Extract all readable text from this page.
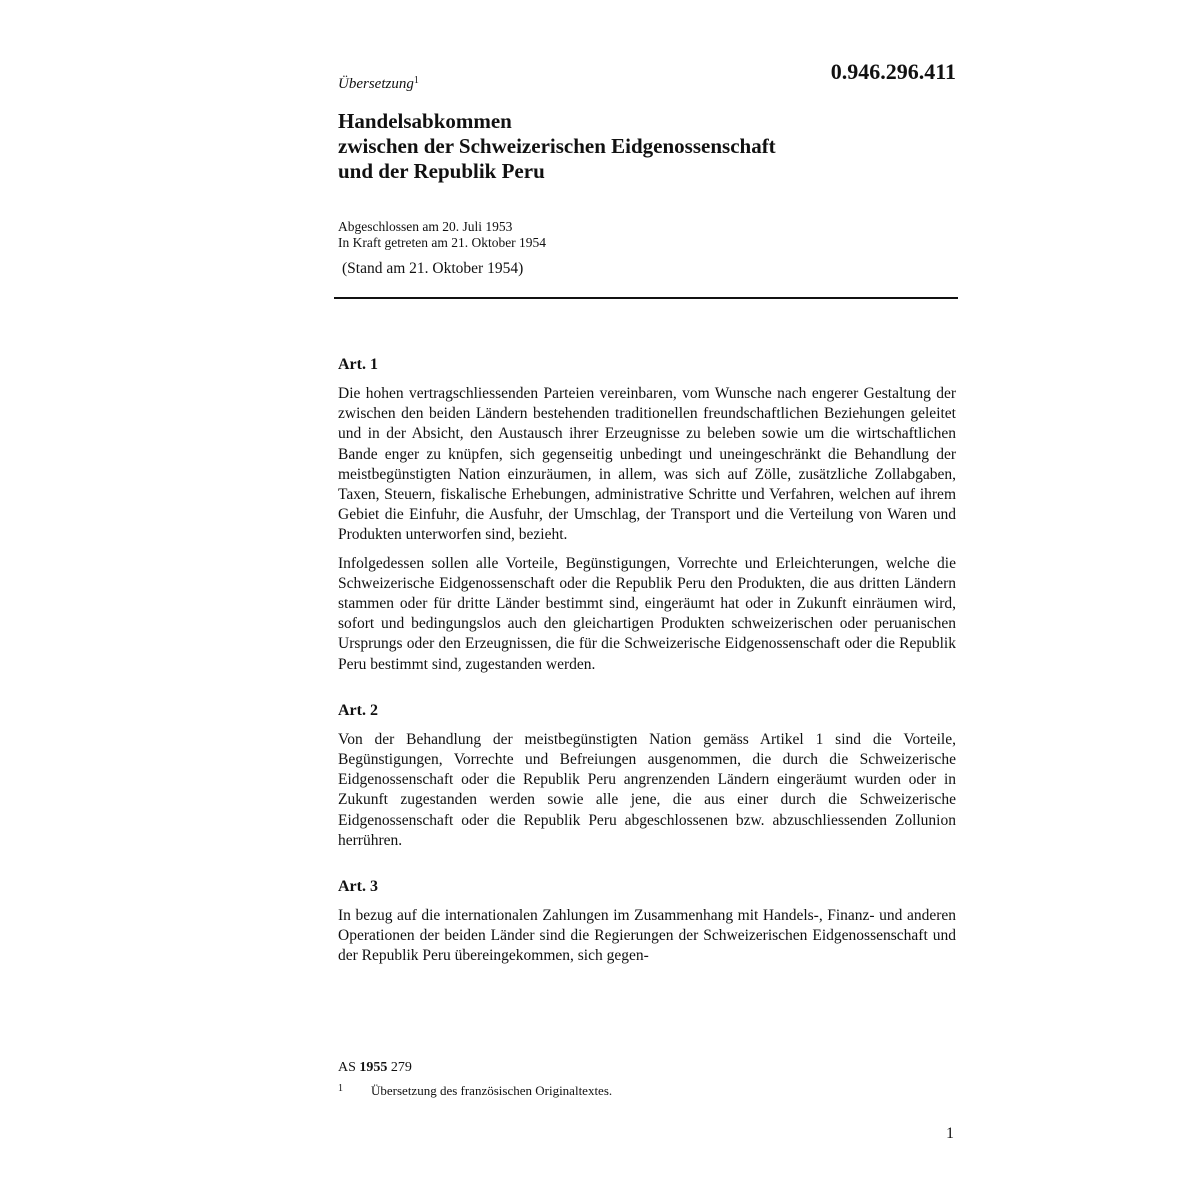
0.946.296.411
Übersetzung$^1$
Handelsabkommen
zwischen der Schweizerischen Eidgenossenschaft
und der Republik Peru
Abgeschlossen am 20. Juli 1953
In Kraft getreten am 21. Oktober 1954
(Stand am 21. Oktober 1954)
Art. 1

Die hohen vertragschliessenden Parteien vereinbaren, vom Wunsche nach engerer Gestaltung der zwischen den beiden Ländern bestehenden traditionellen freundschaftlichen Beziehungen geleitet und in der Absicht, den Austausch ihrer Erzeugnisse zu beleben sowie um die wirtschaftlichen Bande enger zu knüpfen, sich gegenseitig unbedingt und uneingeschränkt die Behandlung der meistbegünstigten Nation einzuräumen, in allem, was sich auf Zölle, zusätzliche Zollabgaben, Taxen, Steuern, fiskalische Erhebungen, administrative Schritte und Verfahren, welchen auf ihrem Gebiet die Einfuhr, die Ausfuhr, der Umschlag, der Transport und die Verteilung von Waren und Produkten unterworfen sind, bezieht.

Infolgedessen sollen alle Vorteile, Begünstigungen, Vorrechte und Erleichterungen, welche die Schweizerische Eidgenossenschaft oder die Republik Peru den Produkten, die aus dritten Ländern stammen oder für dritte Länder bestimmt sind, eingeräumt hat oder in Zukunft einräumen wird, sofort und bedingungslos auch den gleichartigen Produkten schweizerischen oder peruanischen Ursprungs oder den Erzeugnissen, die für die Schweizerische Eidgenossenschaft oder die Republik Peru bestimmt sind, zugestanden werden.

Art. 2

Von der Behandlung der meistbegünstigten Nation gemäss Artikel 1 sind die Vorteile, Begünstigungen, Vorrechte und Befreiungen ausgenommen, die durch die Schweizerische Eidgenossenschaft oder die Republik Peru angrenzenden Ländern eingeräumt wurden oder in Zukunft zugestanden werden sowie alle jene, die aus einer durch die Schweizerische Eidgenossenschaft oder die Republik Peru abgeschlossenen bzw. abzuschliessenden Zollunion herrühren.

Art. 3

In bezug auf die internationalen Zahlungen im Zusammenhang mit Handels-, Finanz- und anderen Operationen der beiden Länder sind die Regierungen der Schweizerischen Eidgenossenschaft und der Republik Peru übereingekommen, sich gegen-

AS 1955 279
1 Übersetzung des französischen Originaltextes.
1
